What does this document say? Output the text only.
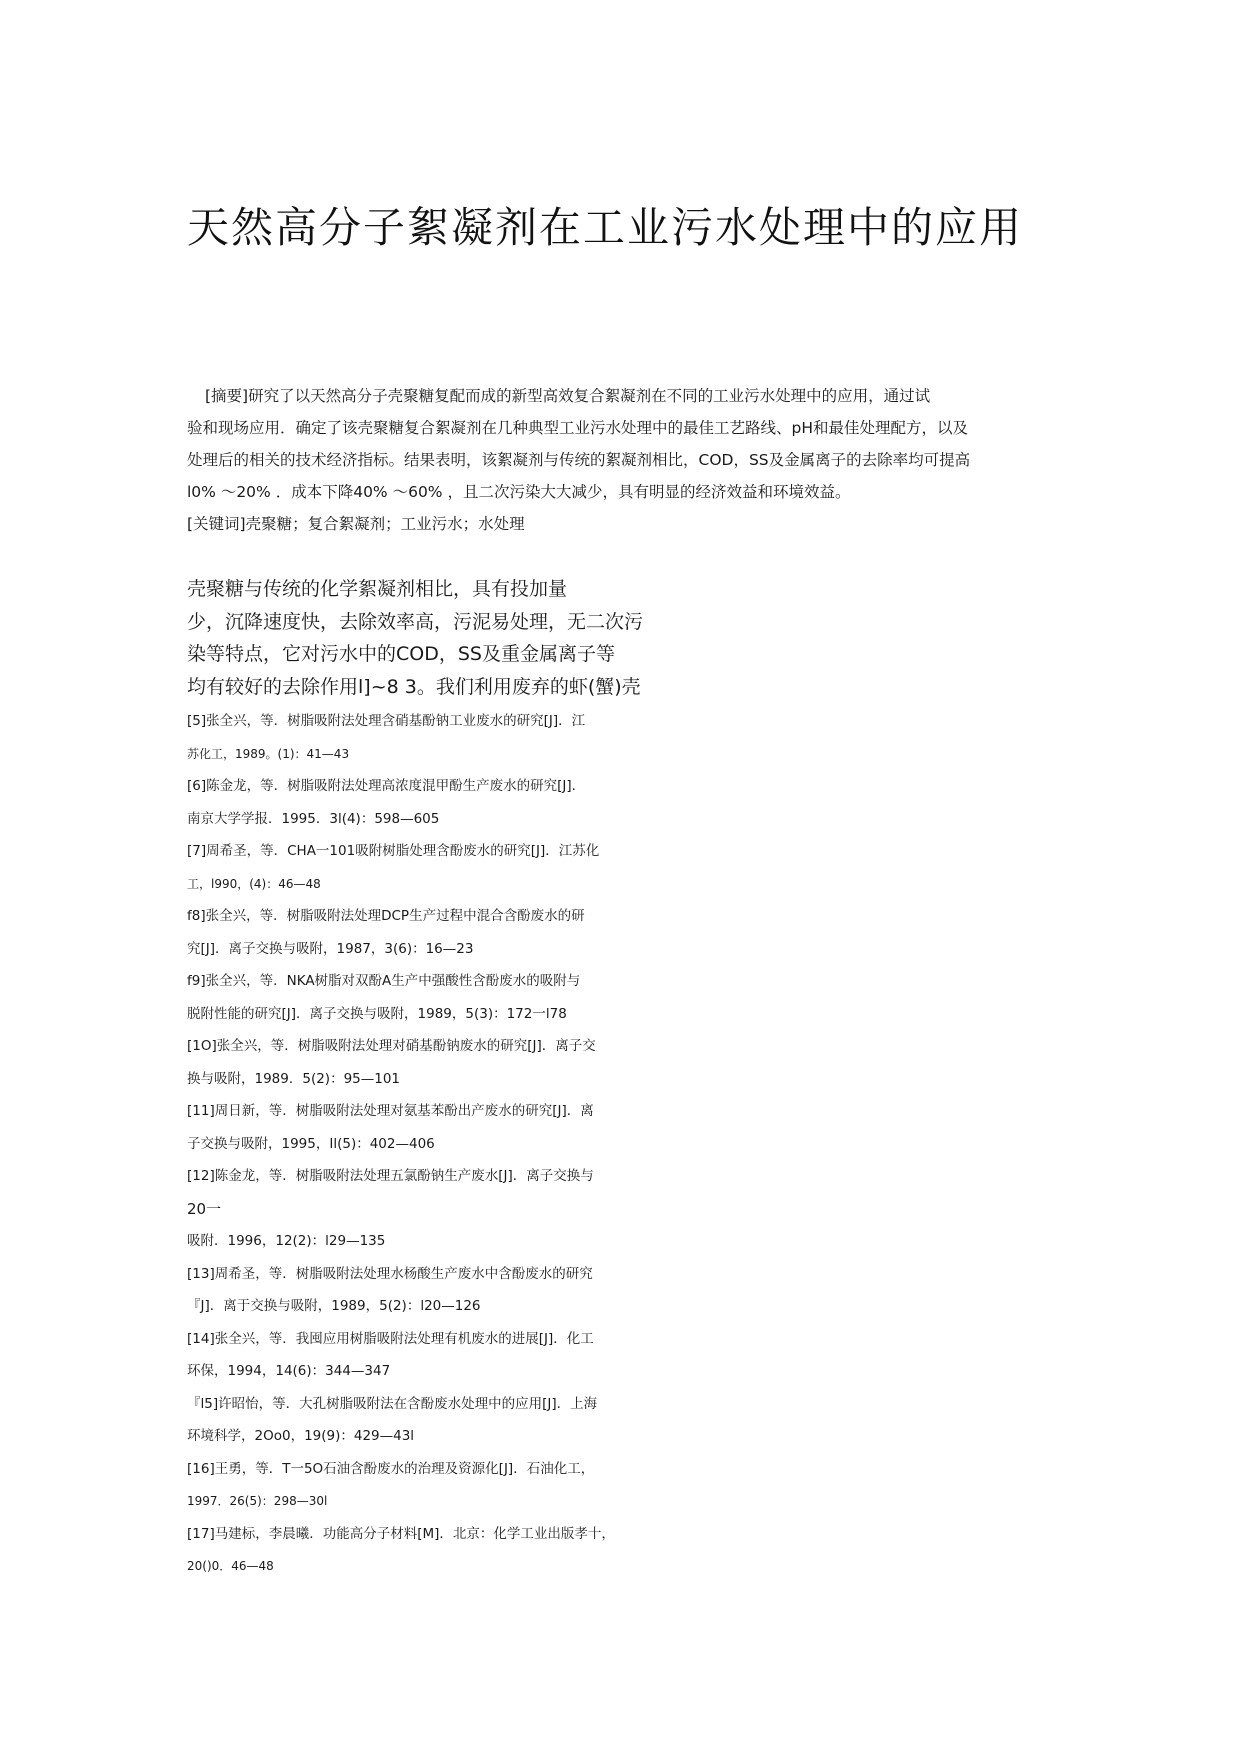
天然高分子絮凝剂在工业污水处理中的应用
[摘要]研究了以天然高分子壳聚糖复配而成的新型高效复合絮凝剂在不同的工业污水处理中的应用，通过试
验和现场应用．确定了该壳聚糖复合絮凝剂在几种典型工业污水处理中的最佳工艺路线、pH和最佳处理配方，以及
处理后的相关的技术经济指标。结果表明，该絮凝剂与传统的絮凝剂相比，COD，SS及金属离子的去除率均可提高
l0% ～20% ．成本下降40% ～60% ，且二次污染大大减少，具有明显的经济效益和环境效益。
[关键词]壳聚糖；复合絮凝剂；工业污水；水处理
壳聚糖与传统的化学絮凝剂相比，具有投加量
少，沉降速度快，去除效率高，污泥易处理，无二次污
染等特点，它对污水中的COD，SS及重金属离子等
均有较好的去除作用l]~8 3。我们利用废弃的虾(蟹)壳
[5]张全兴，等．树脂吸附法处理含硝基酚钠工业废水的研究[J]．江
苏化工，1989。(1)：41—43
[6]陈金龙，等．树脂吸附法处理高浓度混甲酚生产废水的研究[J]．
南京大学学报．1995．3l(4)：598—605
[7]周希圣，等．CHA一101吸附树脂处理含酚废水的研究[J]．江苏化
工，l990，(4)：46—48
f8]张全兴，等．树脂吸附法处理DCP生产过程中混合含酚废水的研
究[J]．离子交换与吸附，1987，3(6)：16—23
f9]张全兴，等．NKA树脂对双酚A生产中强酸性含酚废水的吸附与
脱附性能的研究[J]．离子交换与吸附，1989，5(3)：172一l78
[1O]张全兴，等．树脂吸附法处理对硝基酚钠废水的研究[J]．离子交
换与吸附，1989．5(2)：95—101
[11]周日新，等．树脂吸附法处理对氨基苯酚出产废水的研究[J]．离
子交换与吸附，1995，Il(5)：402—406
[12]陈金龙，等．树脂吸附法处理五氯酚钠生产废水[J]．离子交换与
20一
吸附．1996，12(2)：l29—135
[13]周希圣，等．树脂吸附法处理水杨酸生产废水中含酚废水的研究
『J]．离于交换与吸附，1989，5(2)：l20—126
[14]张全兴，等．我囤应用树脂吸附法处理有机废水的进展[J]．化工
环保，1994，14(6)：344—347
『l5]许昭怡，等．大孔树脂吸附法在含酚废水处理中的应用[J]．上海
环境科学，2Oo0，19(9)：429—43l
[16]王勇，等．T一5O石油含酚废水的治理及资源化[J]．石油化工，
1997．26(5)：298—30l
[17]马建标，李晨曦．功能高分子材料[M]．北京：化学工业出版孝十，
20()0．46—48
